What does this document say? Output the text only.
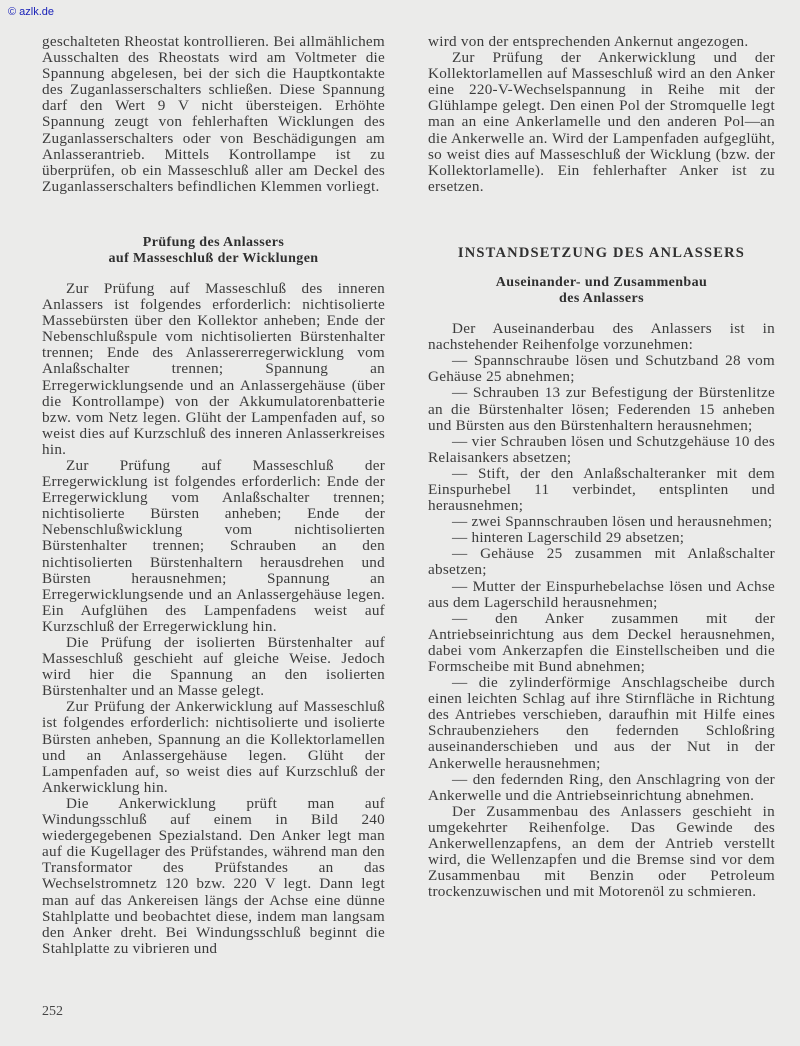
© azlk.de

geschalteten Rheostat kontrollieren. Bei allmählichem Ausschalten des Rheostats wird am Voltmeter die Spannung abgelesen, bei der sich die Hauptkontakte des Zuganlasserschalters schließen. Diese Spannung darf den Wert 9 V nicht übersteigen. Erhöhte Spannung zeugt von fehlerhaften Wicklungen des Zuganlasserschalters oder von Beschädigungen am Anlasserantrieb. Mittels Kontrollampe ist zu überprüfen, ob ein Masseschluß aller am Deckel des Zuganlasserschalters befindlichen Klemmen vorliegt.

Prüfung des Anlassers
auf Masseschluß der Wicklungen

Zur Prüfung auf Masseschluß des inneren Anlassers ist folgendes erforderlich: nichtisolierte Massebürsten über den Kollektor anheben; Ende der Nebenschlußspule vom nichtisolierten Bürstenhalter trennen; Ende des Anlassererregerwicklung vom Anlaßschalter trennen; Spannung an Erregerwicklungsende und an Anlassergehäuse (über die Kontrollampe) von der Akkumulatorenbatterie bzw. vom Netz legen. Glüht der Lampenfaden auf, so weist dies auf Kurzschluß des inneren Anlasserkreises hin.

Zur Prüfung auf Masseschluß der Erregerwicklung ist folgendes erforderlich: Ende der Erregerwicklung vom Anlaßschalter trennen; nichtisolierte Bürsten anheben; Ende der Nebenschlußwicklung vom nichtisolierten Bürstenhalter trennen; Schrauben an den nichtisolierten Bürstenhaltern herausdrehen und Bürsten herausnehmen; Spannung an Erregerwicklungsende und an Anlassergehäuse legen. Ein Aufglühen des Lampenfadens weist auf Kurzschluß der Erregerwicklung hin.

Die Prüfung der isolierten Bürstenhalter auf Masseschluß geschieht auf gleiche Weise. Jedoch wird hier die Spannung an den isolierten Bürstenhalter und an Masse gelegt.

Zur Prüfung der Ankerwicklung auf Masseschluß ist folgendes erforderlich: nichtisolierte und isolierte Bürsten anheben, Spannung an die Kollektorlamellen und an Anlassergehäuse legen. Glüht der Lampenfaden auf, so weist dies auf Kurzschluß der Ankerwicklung hin.

Die Ankerwicklung prüft man auf Windungsschluß auf einem in Bild 240 wiedergegebenen Spezialstand. Den Anker legt man auf die Kugellager des Prüfstandes, während man den Transformator des Prüfstandes an das Wechselstromnetz 120 bzw. 220 V legt. Dann legt man auf das Ankereisen längs der Achse eine dünne Stahlplatte und beobachtet diese, indem man langsam den Anker dreht. Bei Windungsschluß beginnt die Stahlplatte zu vibrieren und

wird von der entsprechenden Ankernut angezogen.

Zur Prüfung der Ankerwicklung und der Kollektorlamellen auf Masseschluß wird an den Anker eine 220-V-Wechselspannung in Reihe mit der Glühlampe gelegt. Den einen Pol der Stromquelle legt man an eine Ankerlamelle und den anderen Pol—an die Ankerwelle an. Wird der Lampenfaden aufgeglüht, so weist dies auf Masseschluß der Wicklung (bzw. der Kollektorlamelle). Ein fehlerhafter Anker ist zu ersetzen.

INSTANDSETZUNG DES ANLASSERS
Auseinander- und Zusammenbau
des Anlassers

Der Auseinanderbau des Anlassers ist in nachstehender Reihenfolge vorzunehmen:

— Spannschraube lösen und Schutzband 28 vom Gehäuse 25 abnehmen;

— Schrauben 13 zur Befestigung der Bürstenlitze an die Bürstenhalter lösen; Federenden 15 anheben und Bürsten aus den Bürstenhaltern herausnehmen;

— vier Schrauben lösen und Schutzgehäuse 10 des Relaisankers absetzen;

— Stift, der den Anlaßschalteranker mit dem Einspurhebel 11 verbindet, entsplinten und herausnehmen;

— zwei Spannschrauben lösen und herausnehmen;

— hinteren Lagerschild 29 absetzen;

— Gehäuse 25 zusammen mit Anlaßschalter absetzen;

— Mutter der Einspurhebelachse lösen und Achse aus dem Lagerschild herausnehmen;

— den Anker zusammen mit der Antriebseinrichtung aus dem Deckel herausnehmen, dabei vom Ankerzapfen die Einstellscheiben und die Formscheibe mit Bund abnehmen;

— die zylinderförmige Anschlagscheibe durch einen leichten Schlag auf ihre Stirnfläche in Richtung des Antriebes verschieben, daraufhin mit Hilfe eines Schraubenziehers den federnden Schloßring auseinanderschieben und aus der Nut in der Ankerwelle herausnehmen;

— den federnden Ring, den Anschlagring von der Ankerwelle und die Antriebseinrichtung abnehmen.

Der Zusammenbau des Anlassers geschieht in umgekehrter Reihenfolge. Das Gewinde des Ankerwellenzapfens, an dem der Antrieb verstellt wird, die Wellenzapfen und die Bremse sind vor dem Zusammenbau mit Benzin oder Petroleum trockenzuwischen und mit Motorenöl zu schmieren.

252
